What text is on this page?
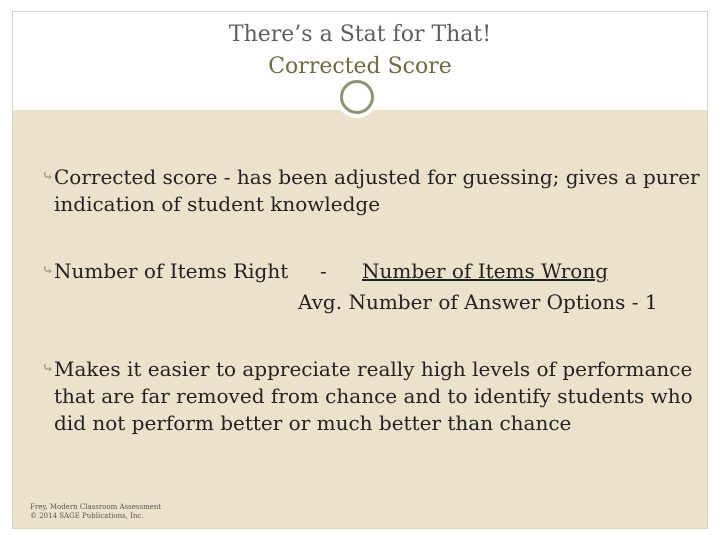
There’s a Stat for That!
Corrected Score
⤷ Corrected score - has been adjusted for guessing; gives a purer indication of student knowledge
⤷ Number of Items Right - Number of Items Wrong
Avg. Number of Answer Options - 1
⤷ Makes it easier to appreciate really high levels of performance that are far removed from chance and to identify students who did not perform better or much better than chance
Frey, Modern Classroom Assessment
© 2014 SAGE Publications, Inc.
